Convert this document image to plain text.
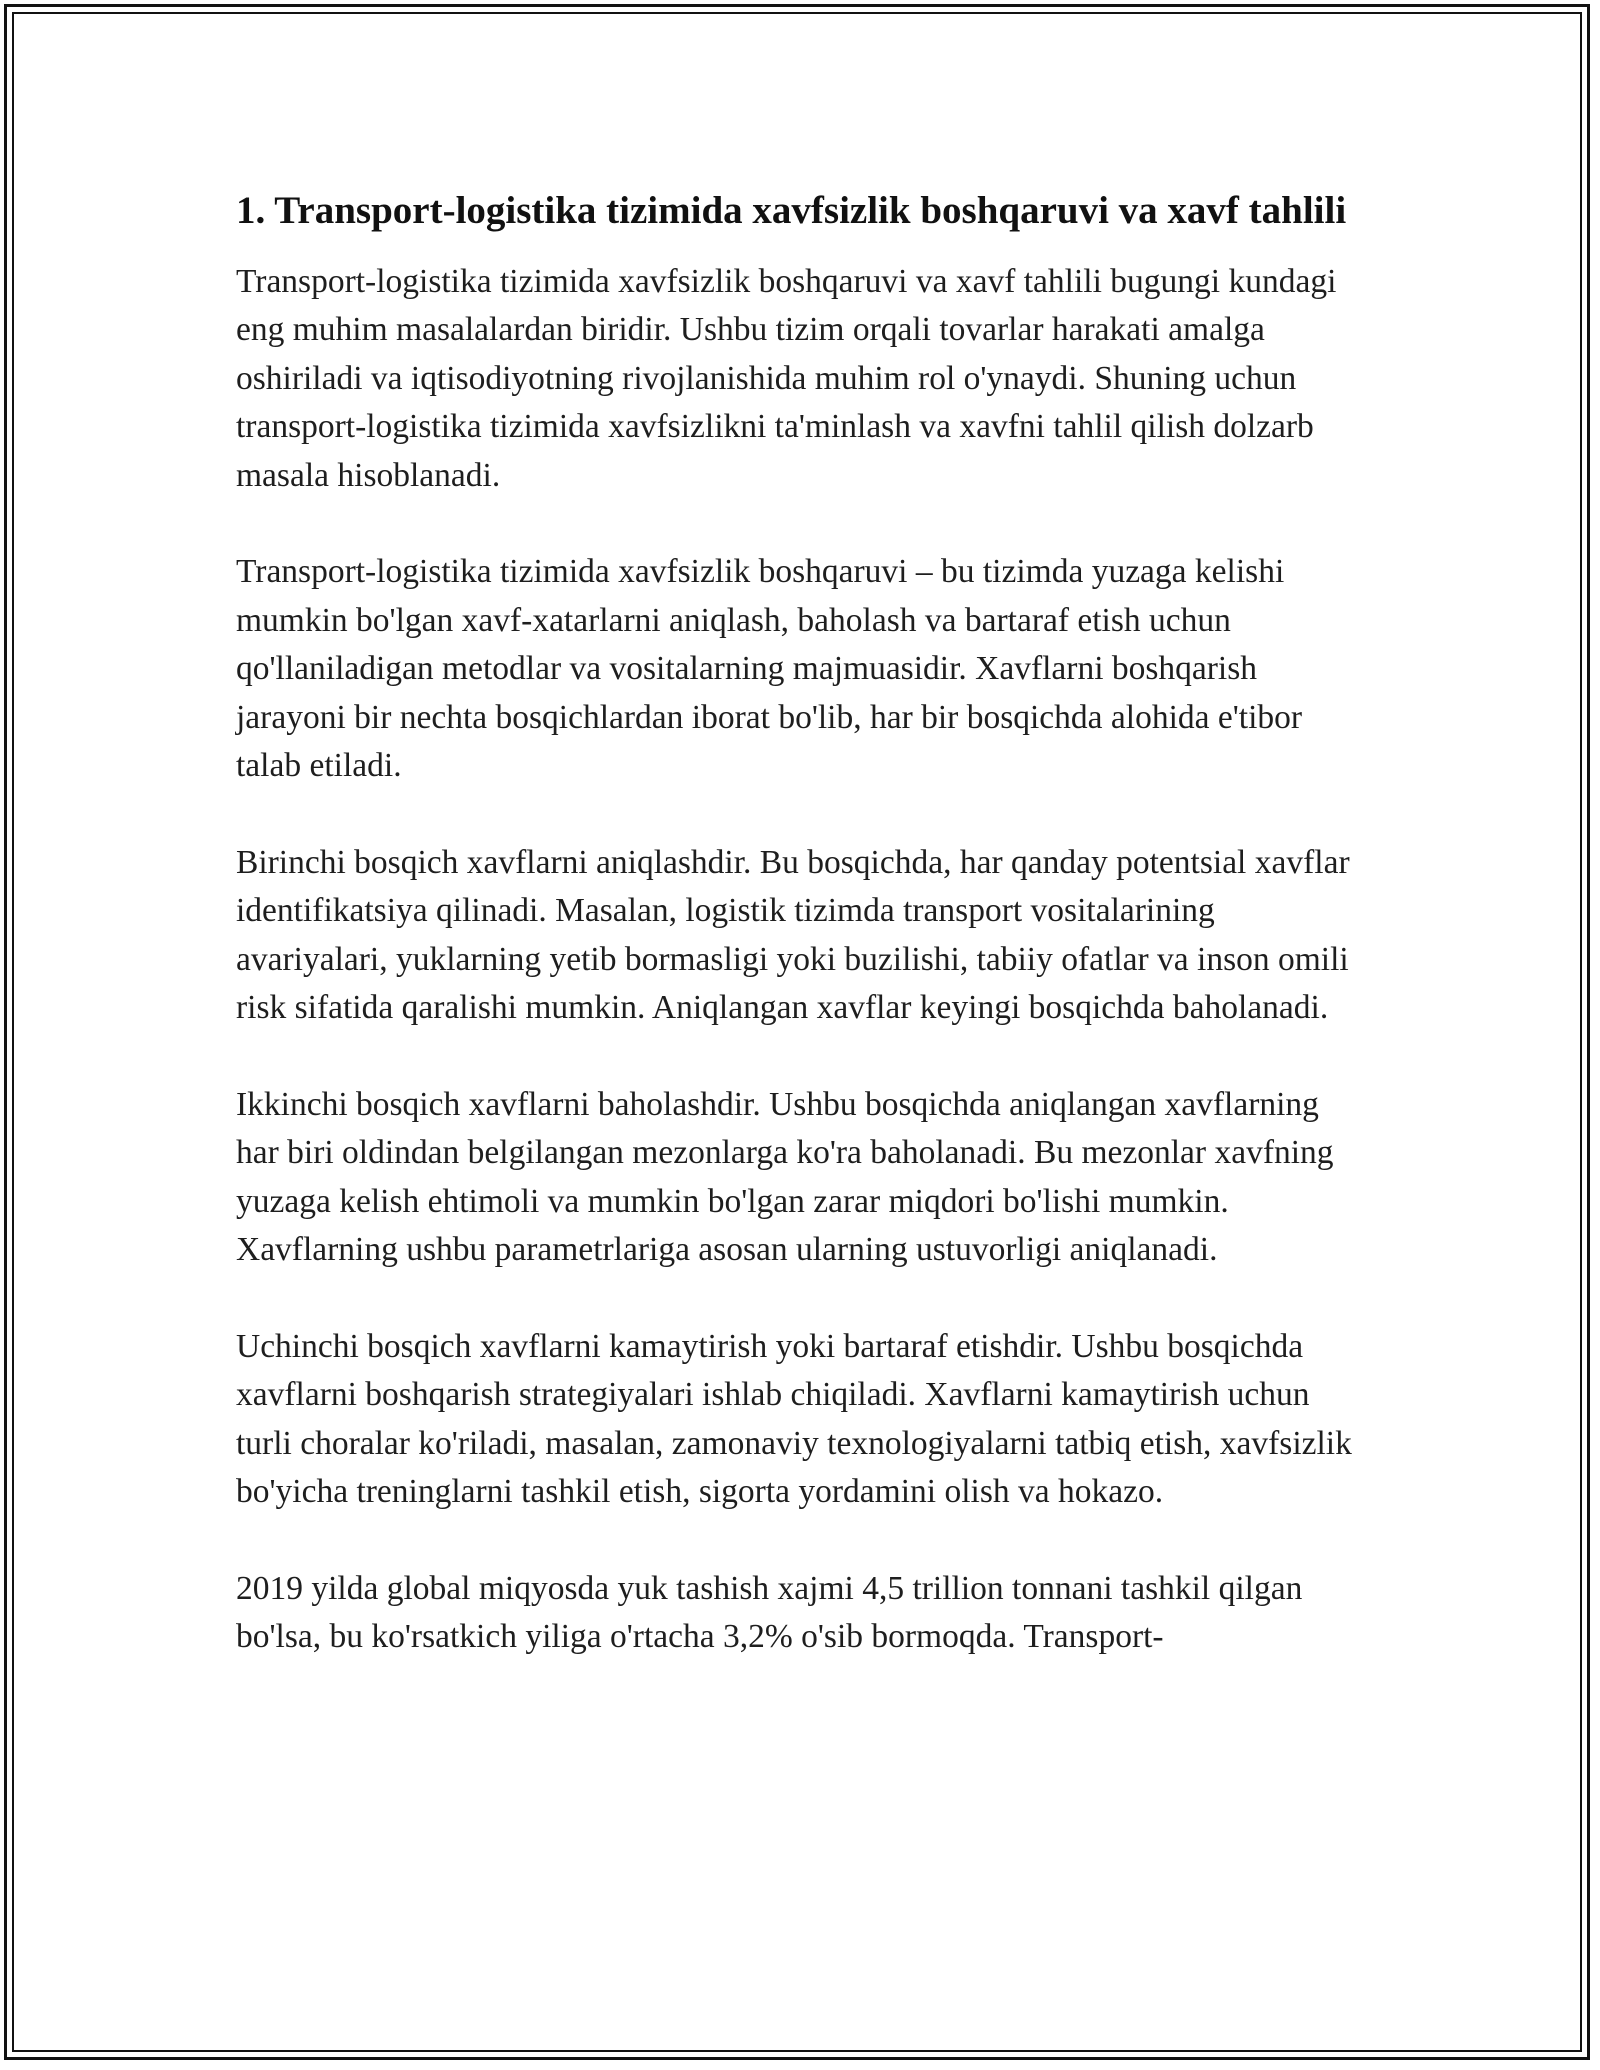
1. Transport-logistika tizimida xavfsizlik boshqaruvi va xavf tahlili

Transport-logistika tizimida xavfsizlik boshqaruvi va xavf tahlili bugungi kundagi eng muhim masalalardan biridir. Ushbu tizim orqali tovarlar harakati amalga oshiriladi va iqtisodiyotning rivojlanishida muhim rol o'ynaydi. Shuning uchun transport-logistika tizimida xavfsizlikni ta'minlash va xavfni tahlil qilish dolzarb masala hisoblanadi.

Transport-logistika tizimida xavfsizlik boshqaruvi – bu tizimda yuzaga kelishi mumkin bo'lgan xavf-xatarlarni aniqlash, baholash va bartaraf etish uchun qo'llaniladigan metodlar va vositalarning majmuasidir. Xavflarni boshqarish jarayoni bir nechta bosqichlardan iborat bo'lib, har bir bosqichda alohida e'tibor talab etiladi.

Birinchi bosqich xavflarni aniqlashdir. Bu bosqichda, har qanday potentsial xavflar identifikatsiya qilinadi. Masalan, logistik tizimda transport vositalarining avariyalari, yuklarning yetib bormasligi yoki buzilishi, tabiiy ofatlar va inson omili risk sifatida qaralishi mumkin. Aniqlangan xavflar keyingi bosqichda baholanadi.

Ikkinchi bosqich xavflarni baholashdir. Ushbu bosqichda aniqlangan xavflarning har biri oldindan belgilangan mezonlarga ko'ra baholanadi. Bu mezonlar xavfning yuzaga kelish ehtimoli va mumkin bo'lgan zarar miqdori bo'lishi mumkin. Xavflarning ushbu parametrlariga asosan ularning ustuvorligi aniqlanadi.

Uchinchi bosqich xavflarni kamaytirish yoki bartaraf etishdir. Ushbu bosqichda xavflarni boshqarish strategiyalari ishlab chiqiladi. Xavflarni kamaytirish uchun turli choralar ko'riladi, masalan, zamonaviy texnologiyalarni tatbiq etish, xavfsizlik bo'yicha treninglarni tashkil etish, sigorta yordamini olish va hokazo.

2019 yilda global miqyosda yuk tashish xajmi 4,5 trillion tonnani tashkil qilgan bo'lsa, bu ko'rsatkich yiliga o'rtacha 3,2% o'sib bormoqda. Transport-
